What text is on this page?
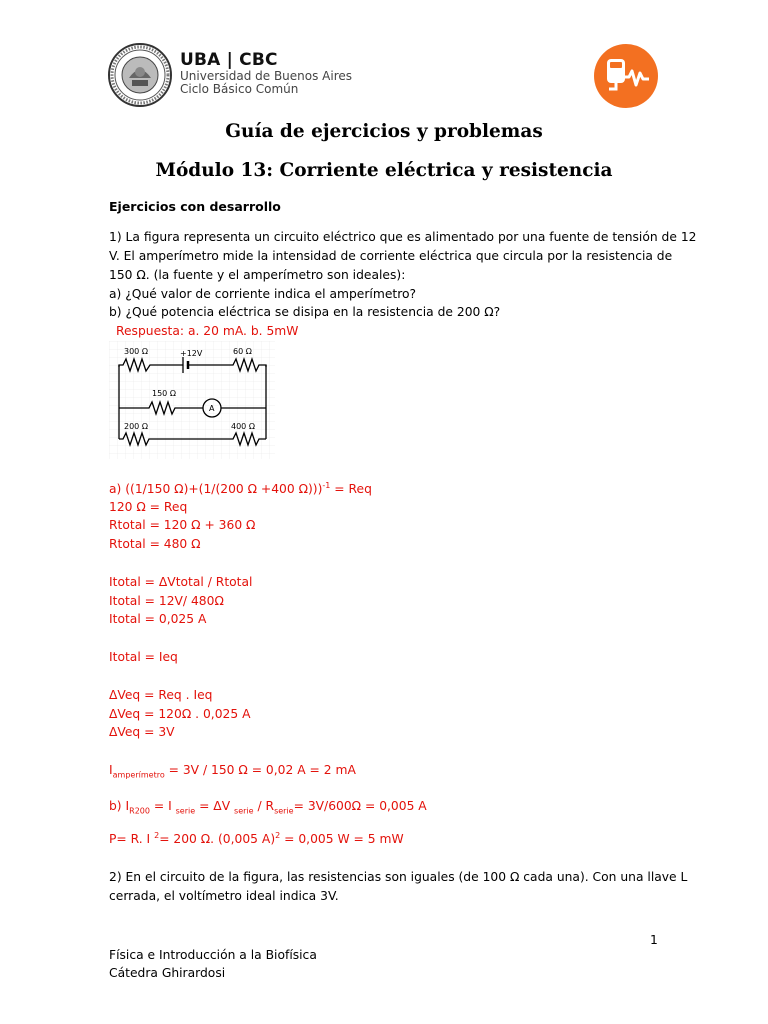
UBA | CBC
Universidad de Buenos Aires
Ciclo Básico Común
Guía de ejercicios y problemas
Módulo 13: Corriente eléctrica y resistencia
Ejercicios con desarrollo
1) La figura representa un circuito eléctrico que es alimentado por una fuente de tensión de 12
V. El amperímetro mide la intensidad de corriente eléctrica que circula por la resistencia de
150 Ω. (la fuente y el amperímetro son ideales):
a) ¿Qué valor de corriente indica el amperímetro?
b) ¿Qué potencia eléctrica se disipa en la resistencia de 200 Ω?
Respuesta: a. 20 mA. b. 5mW
300 Ω	+12V	60 Ω
150 Ω
A
200 Ω	400 Ω
a) ((1/150 Ω)+(1/(200 Ω +400 Ω)))$^{-1}$ = Req
120 Ω = Req
Rtotal = 120 Ω + 360 Ω
Rtotal = 480 Ω
Itotal = ΔVtotal / Rtotal
Itotal = 12V/ 480Ω
Itotal = 0,025 A
Itotal = Ieq
ΔVeq = Req . Ieq
ΔVeq = 120Ω . 0,025 A
ΔVeq = 3V
$I_{amperímetro} = 3V / 150$ Ω = 0,02 A = 2 mA
b) $I_{R200} = I$ $_{serie}$ = ΔV $_{serie} / R_{serie}= 3V/600\Omega = 0,005$ A
P= R. I $^2$= 200 Ω. (0,005 A)$^2$ = 0,005 W = 5 mW
2) En el circuito de la figura, las resistencias son iguales (de 100 Ω cada una). Con una llave L
cerrada, el voltímetro ideal indica 3V.
1
Física e Introducción a la Biofísica
Cátedra Ghirardosi
